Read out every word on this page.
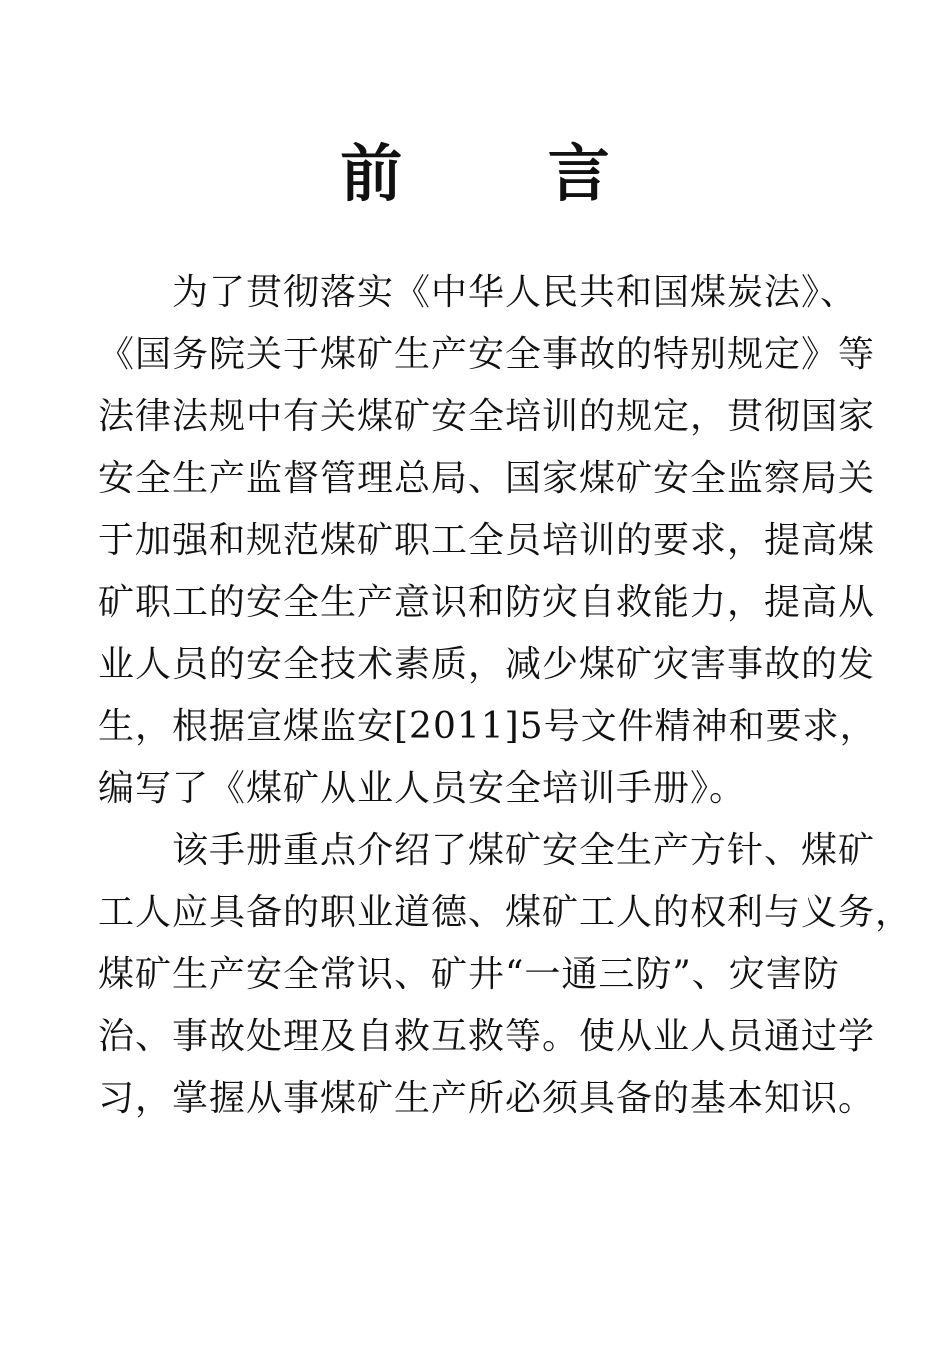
前 言
为了贯彻落实《中华人民共和国煤炭法》、
《国务院关于煤矿生产安全事故的特别规定》等
法律法规中有关煤矿安全培训的规定，贯彻国家
安全生产监督管理总局、国家煤矿安全监察局关
于加强和规范煤矿职工全员培训的要求，提高煤
矿职工的安全生产意识和防灾自救能力，提高从
业人员的安全技术素质，减少煤矿灾害事故的发
生，根据宣煤监安[2011]5号文件精神和要求，
编写了《煤矿从业人员安全培训手册》。
该手册重点介绍了煤矿安全生产方针、煤矿
工人应具备的职业道德、煤矿工人的权利与义务，
煤矿生产安全常识、矿井“一通三防”、灾害防
治、事故处理及自救互救等。使从业人员通过学
习，掌握从事煤矿生产所必须具备的基本知识。
